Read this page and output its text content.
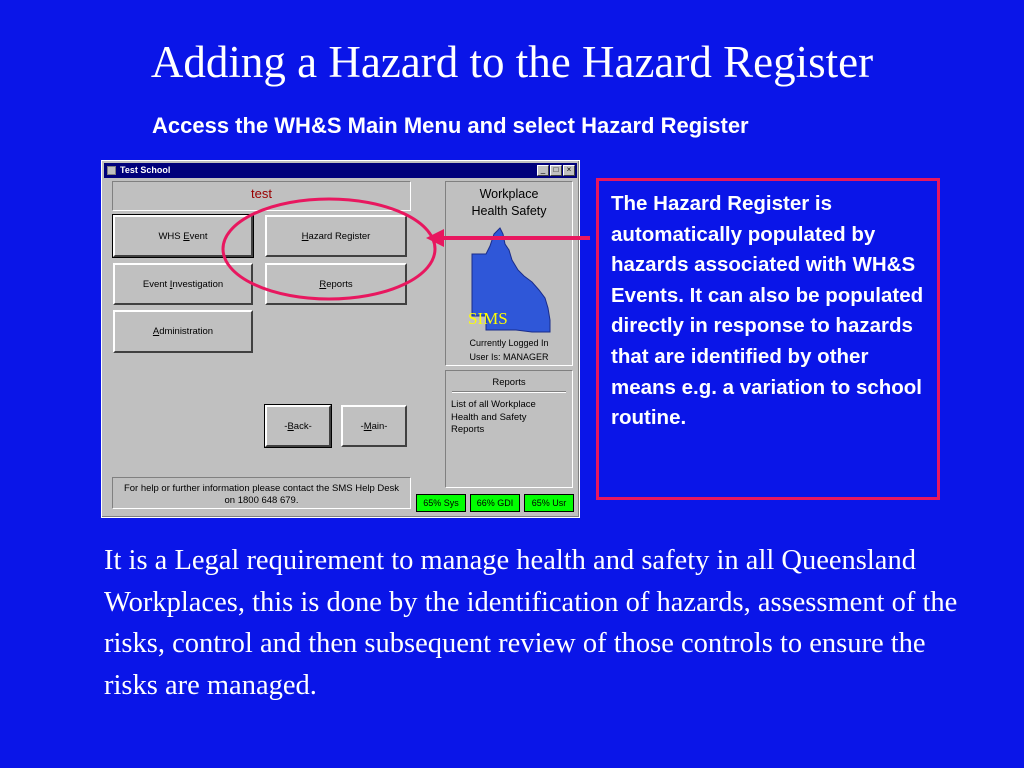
Adding a Hazard to the Hazard Register
Access the WH&S Main Menu and select Hazard Register
Test School	_	□	×
test
WHS Event	Hazard Register
Event Investigation	Reports
Administration
-Back-	-Main-
Workplace
Health Safety
SIMS
Currently Logged In
User Is: MANAGER
Reports
List of all Workplace Health and Safety Reports
For help or further information please contact the SMS Help Desk on 1800 648 679.	65% Sys	66% GDI	65% Usr
The Hazard Register is automatically populated by hazards associated with WH&S Events. It can also be populated directly in response to hazards that are identified by other means e.g. a variation to school routine.
It is a Legal requirement to manage health and safety in all Queensland Workplaces, this is done by the identification of hazards, assessment of the risks, control and then subsequent review of those controls to ensure the risks are managed.
